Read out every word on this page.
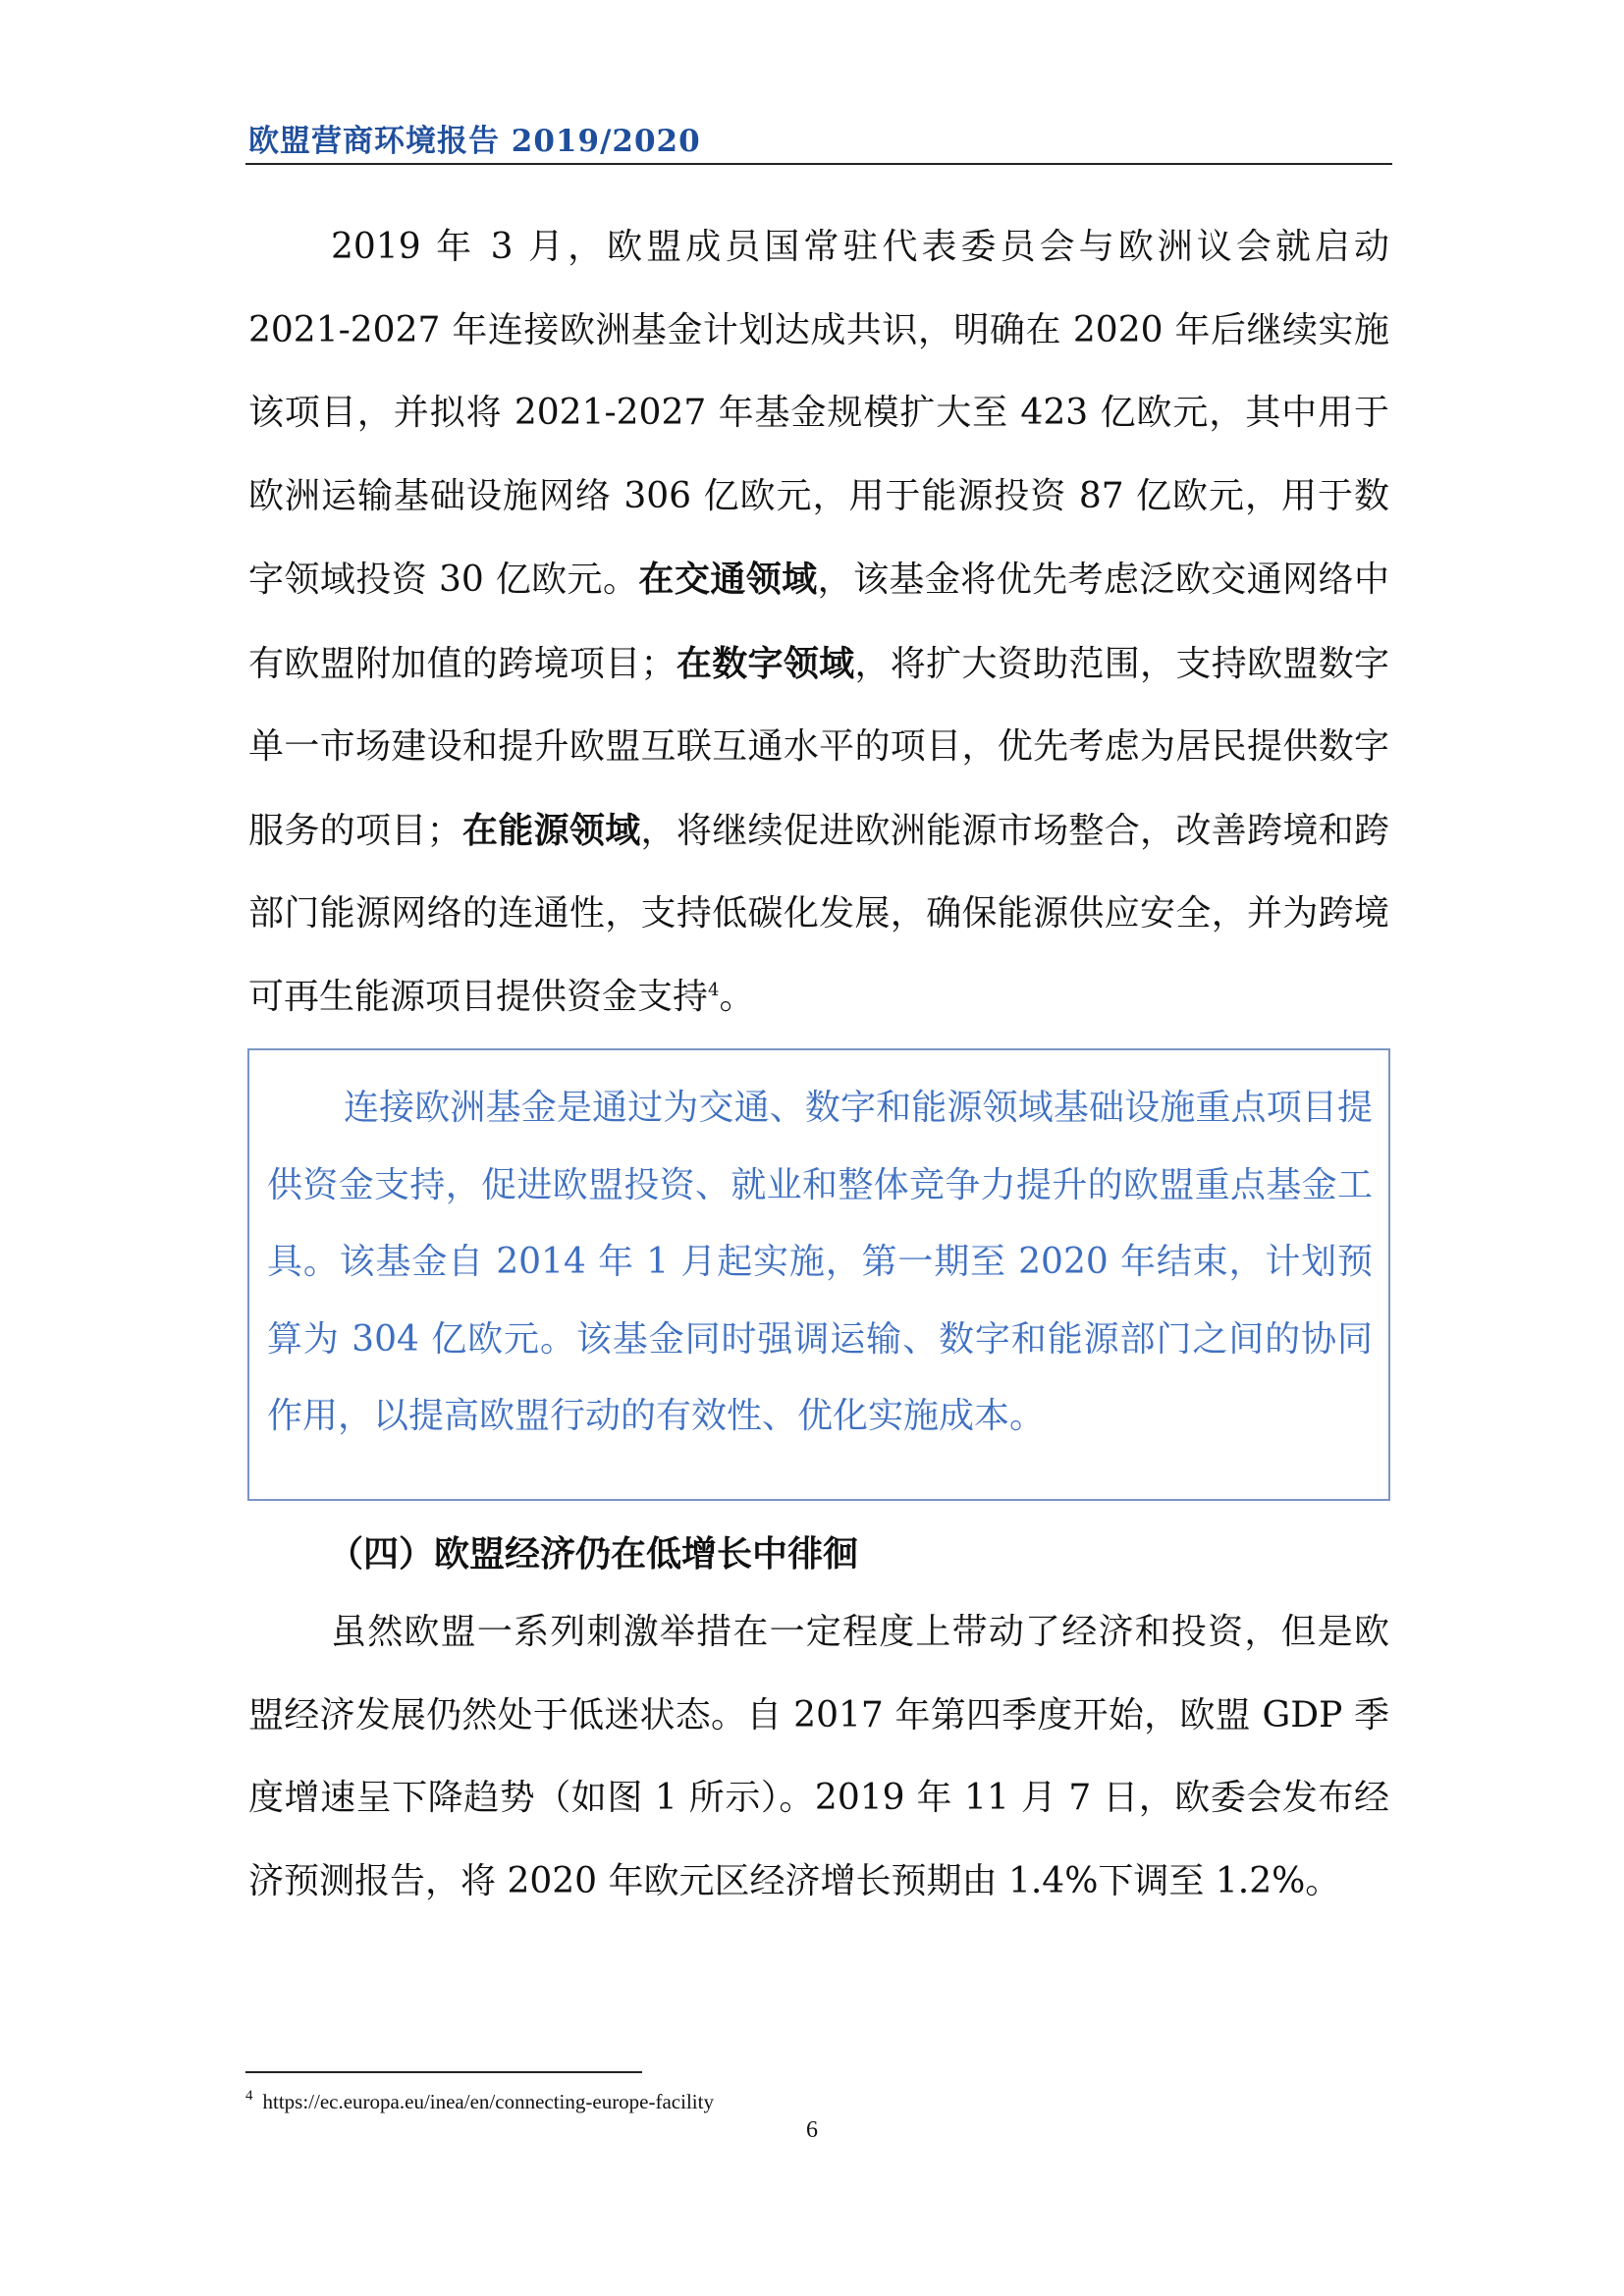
欧盟营商环境报告 2019/2020

2019 年 3 月，欧盟成员国常驻代表委员会与欧洲议会就启动 2021-2027 年连接欧洲基金计划达成共识，明确在 2020 年后继续实施该项目，并拟将 2021-2027 年基金规模扩大至 423 亿欧元，其中用于欧洲运输基础设施网络 306 亿欧元，用于能源投资 87 亿欧元，用于数字领域投资 30 亿欧元。在交通领域，该基金将优先考虑泛欧交通网络中有欧盟附加值的跨境项目；在数字领域，将扩大资助范围，支持欧盟数字单一市场建设和提升欧盟互联互通水平的项目，优先考虑为居民提供数字服务的项目；在能源领域，将继续促进欧洲能源市场整合，改善跨境和跨部门能源网络的连通性，支持低碳化发展，确保能源供应安全，并为跨境可再生能源项目提供资金支持$^4$。

连接欧洲基金是通过为交通、数字和能源领域基础设施重点项目提供资金支持，促进欧盟投资、就业和整体竞争力提升的欧盟重点基金工具。该基金自 2014 年 1 月起实施，第一期至 2020 年结束，计划预算为 304 亿欧元。该基金同时强调运输、数字和能源部门之间的协同作用，以提高欧盟行动的有效性、优化实施成本。

（四）欧盟经济仍在低增长中徘徊

虽然欧盟一系列刺激举措在一定程度上带动了经济和投资，但是欧盟经济发展仍然处于低迷状态。自 2017 年第四季度开始，欧盟 GDP 季度增速呈下降趋势（如图 1 所示）。2019 年 11 月 7 日，欧委会发布经济预测报告，将 2020 年欧元区经济增长预期由 1.4%下调至 1.2%。

4 https://ec.europa.eu/inea/en/connecting-europe-facility
6
